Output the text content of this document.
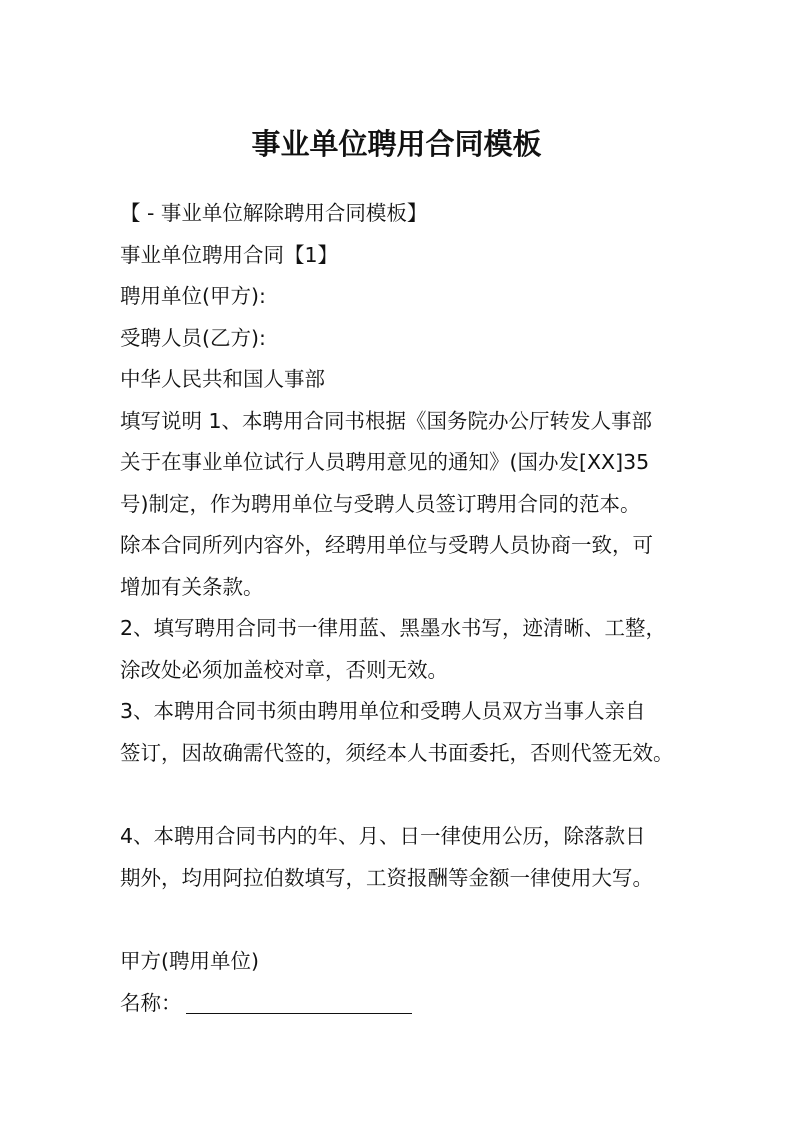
事业单位聘用合同模板

【 - 事业单位解除聘用合同模板】

事业单位聘用合同【1】

聘用单位(甲方):

受聘人员(乙方):

中华人民共和国人事部

填写说明 1、本聘用合同书根据《国务院办公厅转发人事部

关于在事业单位试行人员聘用意见的通知》(国办发[XX]35

号)制定，作为聘用单位与受聘人员签订聘用合同的范本。

除本合同所列内容外，经聘用单位与受聘人员协商一致，可

增加有关条款。

2、填写聘用合同书一律用蓝、黑墨水书写，迹清晰、工整，

涂改处必须加盖校对章，否则无效。

3、本聘用合同书须由聘用单位和受聘人员双方当事人亲自

签订，因故确需代签的，须经本人书面委托，否则代签无效。

4、本聘用合同书内的年、月、日一律使用公历，除落款日

期外，均用阿拉伯数填写，工资报酬等金额一律使用大写。

甲方(聘用单位)

名称：
